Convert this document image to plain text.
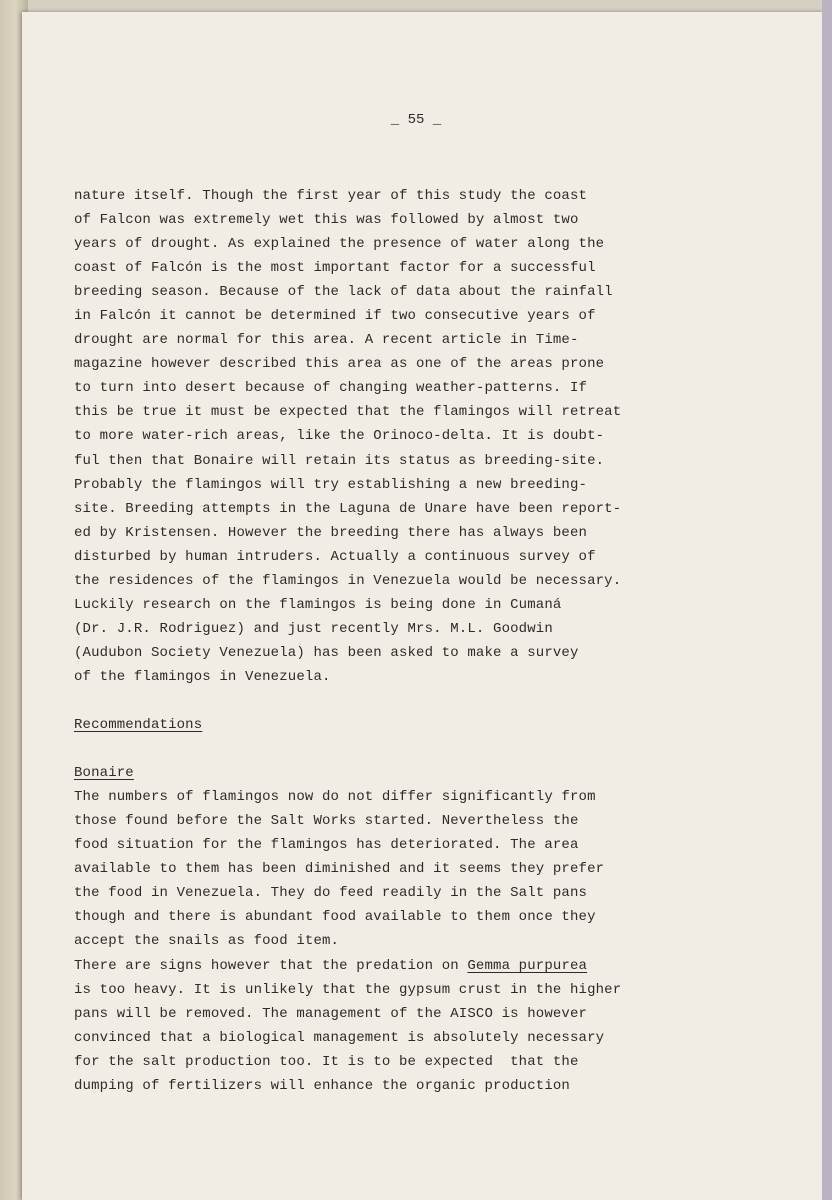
_ 55 _
nature itself. Though the first year of this study the coast
of Falcon was extremely wet this was followed by almost two
years of drought. As explained the presence of water along the
coast of Falcón is the most important factor for a successful
breeding season. Because of the lack of data about the rainfall
in Falcón it cannot be determined if two consecutive years of
drought are normal for this area. A recent article in Time-
magazine however described this area as one of the areas prone
to turn into desert because of changing weather-patterns. If
this be true it must be expected that the flamingos will retreat
to more water-rich areas, like the Orinoco-delta. It is doubt-
ful then that Bonaire will retain its status as breeding-site.
Probably the flamingos will try establishing a new breeding-
site. Breeding attempts in the Laguna de Unare have been report-
ed by Kristensen. However the breeding there has always been
disturbed by human intruders. Actually a continuous survey of
the residences of the flamingos in Venezuela would be necessary.
Luckily research on the flamingos is being done in Cumaná
(Dr. J.R. Rodriguez) and just recently Mrs. M.L. Goodwin
(Audubon Society Venezuela) has been asked to make a survey
of the flamingos in Venezuela.
Recommendations
Bonaire
The numbers of flamingos now do not differ significantly from
those found before the Salt Works started. Nevertheless the
food situation for the flamingos has deteriorated. The area
available to them has been diminished and it seems they prefer
the food in Venezuela. They do feed readily in the Salt pans
though and there is abundant food available to them once they
accept the snails as food item.
There are signs however that the predation on Gemma purpurea
is too heavy. It is unlikely that the gypsum crust in the higher
pans will be removed. The management of the AISCO is however
convinced that a biological management is absolutely necessary
for the salt production too. It is to be expected  that the
dumping of fertilizers will enhance the organic production
